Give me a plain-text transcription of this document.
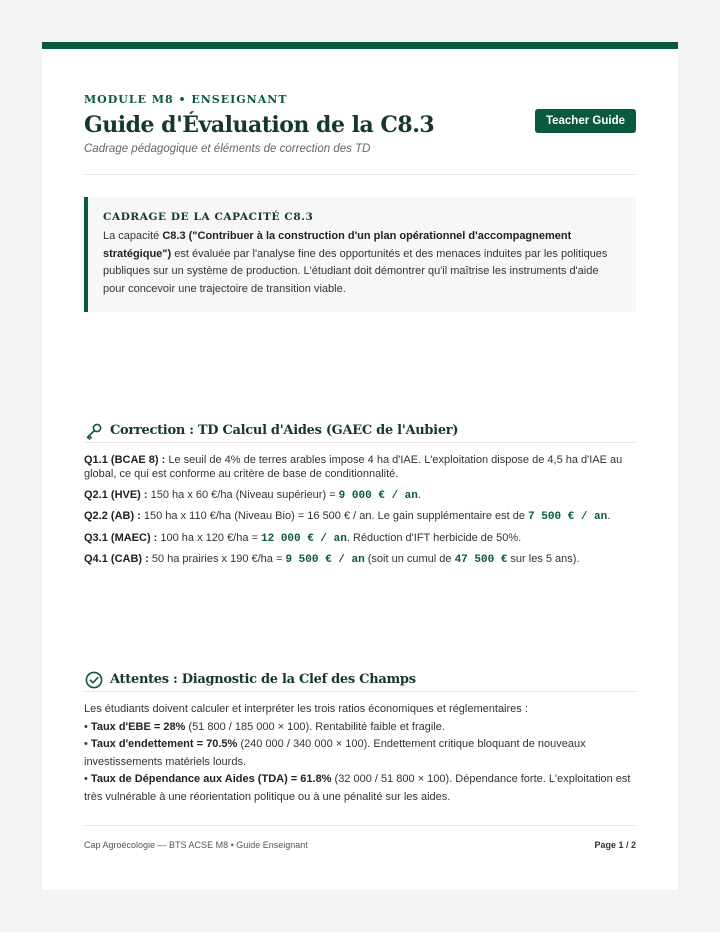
MODULE M8 • ENSEIGNANT
Guide d'Évaluation de la C8.3
Cadrage pédagogique et éléments de correction des TD
Teacher Guide
CADRAGE DE LA CAPACITÉ C8.3
La capacité C8.3 ("Contribuer à la construction d'un plan opérationnel d'accompagnement stratégique") est évaluée par l'analyse fine des opportunités et des menaces induites par les politiques publiques sur un système de production. L'étudiant doit démontrer qu'il maîtrise les instruments d'aide pour concevoir une trajectoire de transition viable.
Correction : TD Calcul d'Aides (GAEC de l'Aubier)

Q1.1 (BCAE 8) : Le seuil de 4% de terres arables impose 4 ha d'IAE. L'exploitation dispose de 4,5 ha d'IAE au global, ce qui est conforme au critère de base de conditionnalité.

Q2.1 (HVE) : 150 ha x 60 €/ha (Niveau supérieur) = 9 000 € / an.

Q2.2 (AB) : 150 ha x 110 €/ha (Niveau Bio) = 16 500 € / an. Le gain supplémentaire est de 7 500 € / an.

Q3.1 (MAEC) : 100 ha x 120 €/ha = 12 000 € / an. Réduction d'IFT herbicide de 50%.

Q4.1 (CAB) : 50 ha prairies x 190 €/ha = 9 500 € / an (soit un cumul de 47 500 € sur les 5 ans).

Attentes : Diagnostic de la Clef des Champs
Les étudiants doivent calculer et interpréter les trois ratios économiques et réglementaires :
• Taux d'EBE = 28% (51 800 / 185 000 × 100). Rentabilité faible et fragile.
• Taux d'endettement = 70.5% (240 000 / 340 000 × 100). Endettement critique bloquant de nouveaux investissements matériels lourds.
• Taux de Dépendance aux Aides (TDA) = 61.8% (32 000 / 51 800 × 100). Dépendance forte. L'exploitation est très vulnérable à une réorientation politique ou à une pénalité sur les aides.
Cap Agroécologie — BTS ACSE M8 • Guide Enseignant	Page 1 / 2
